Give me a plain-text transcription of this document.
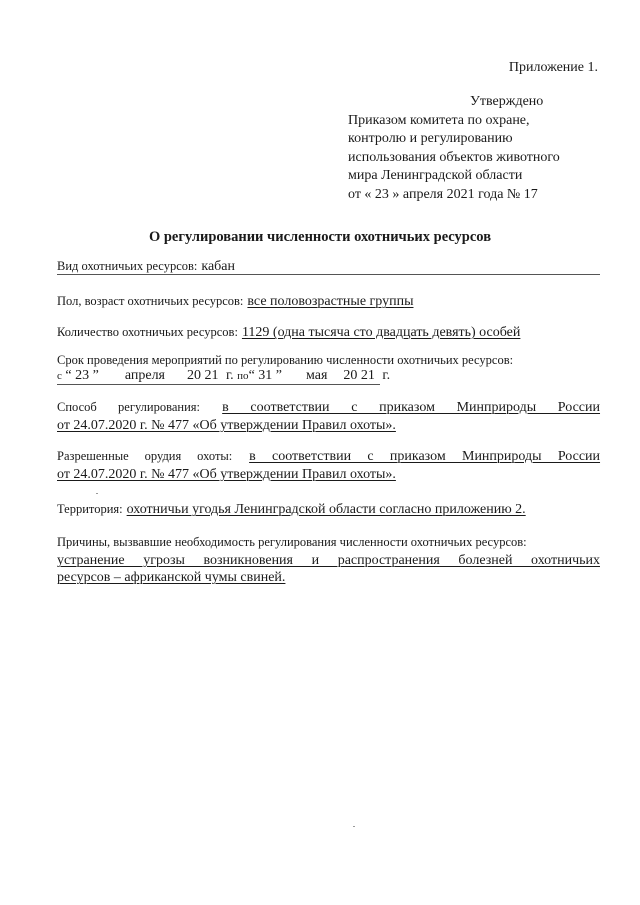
Приложение 1.
Утверждено
Приказом комитета по охране,
контролю и регулированию
использования объектов животного
мира Ленинградской области
от « 23 » апреля 2021 года № 17
О регулировании численности охотничьих ресурсов
Вид охотничьих ресурсов: кабан
Пол, возраст охотничьих ресурсов: все половозрастные группы
Количество охотничьих ресурсов: 1129 (одна тысяча сто двадцать девять) особей
Срок проведения мероприятий по регулированию численности охотничьих ресурсов:
с “ 23 ” апреля 20 21 г. по“ 31 ” мая 20 21 г.
Способ регулирования: в соответствии с приказом Минприроды России
от 24.07.2020 г. № 477 «Об утверждении Правил охоты».
Разрешенные орудия охоты: в соответствии с приказом Минприроды России
от 24.07.2020 г. № 477 «Об утверждении Правил охоты».
Территория: охотничьи угодья Ленинградской области согласно приложению 2.
Причины, вызвавшие необходимость регулирования численности охотничьих ресурсов:
устранение угрозы возникновения и распространения болезней охотничьих
ресурсов – африканской чумы свиней.
